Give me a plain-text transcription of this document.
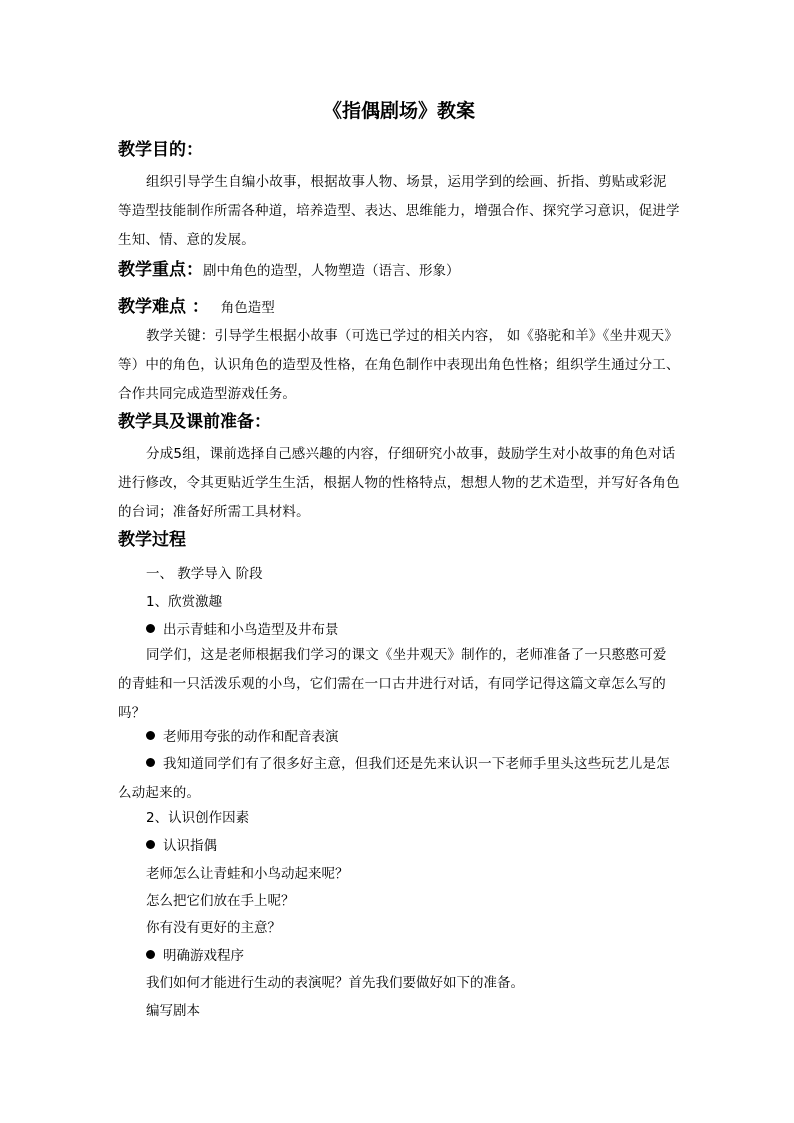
《指偶剧场》教案
教学目的：
组织引导学生自编小故事，根据故事人物、场景，运用学到的绘画、折指、剪贴或彩泥等造型技能制作所需各种道，培养造型、表达、思维能力，增强合作、探究学习意识，促进学生知、情、意的发展。
教学重点：剧中角色的造型，人物塑造（语言、形象）
教学难点 ： 角色造型
教学关键：引导学生根据小故事（可选已学过的相关内容， 如《骆驼和羊》《坐井观天》等）中的角色，认识角色的造型及性格，在角色制作中表现出角色性格；组织学生通过分工、合作共同完成造型游戏任务。
教学具及课前准备：
分成5组，课前选择自己感兴趣的内容，仔细研究小故事，鼓励学生对小故事的角色对话进行修改，令其更贴近学生生活，根据人物的性格特点，想想人物的艺术造型，并写好各角色的台词；准备好所需工具材料。
教学过程
一、 教学导入 阶段
1、欣赏激趣
出示青蛙和小鸟造型及井布景
同学们，这是老师根据我们学习的课文《坐井观天》制作的，老师准备了一只憨憨可爱的青蛙和一只活泼乐观的小鸟，它们需在一口古井进行对话，有同学记得这篇文章怎么写的吗？
老师用夸张的动作和配音表演
我知道同学们有了很多好主意，但我们还是先来认识一下老师手里头这些玩艺儿是怎么动起来的。
2、认识创作因素
认识指偶
老师怎么让青蛙和小鸟动起来呢？
怎么把它们放在手上呢？
你有没有更好的主意？
明确游戏程序
我们如何才能进行生动的表演呢？首先我们要做好如下的准备。
编写剧本
